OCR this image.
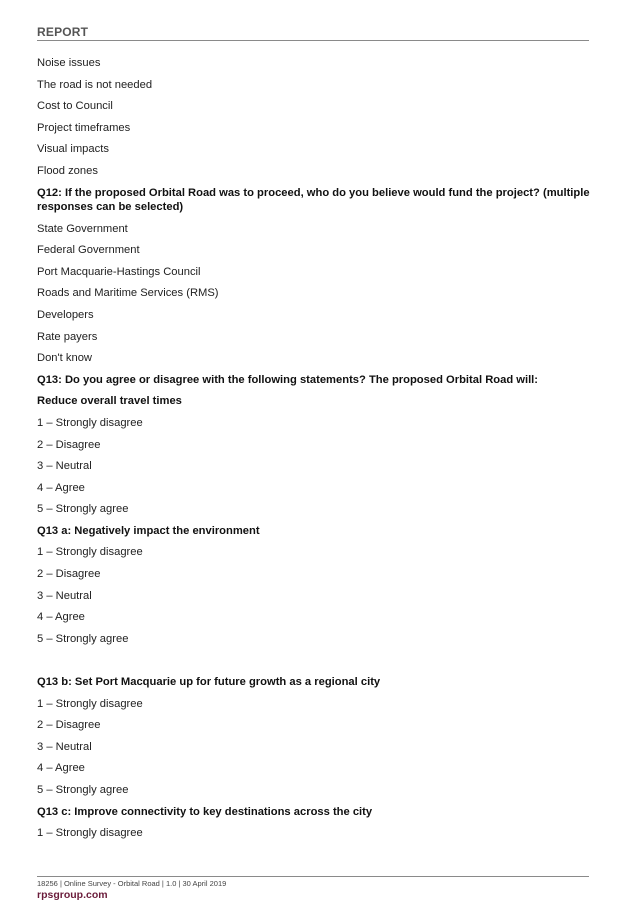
REPORT
Noise issues
The road is not needed
Cost to Council
Project timeframes
Visual impacts
Flood zones
Q12: If the proposed Orbital Road was to proceed, who do you believe would fund the project? (multiple responses can be selected)
State Government
Federal Government
Port Macquarie-Hastings Council
Roads and Maritime Services (RMS)
Developers
Rate payers
Don't know
Q13: Do you agree or disagree with the following statements? The proposed Orbital Road will:
Reduce overall travel times
1 – Strongly disagree
2 – Disagree
3 – Neutral
4 – Agree
5 – Strongly agree
Q13 a: Negatively impact the environment
1 – Strongly disagree
2 – Disagree
3 – Neutral
4 – Agree
5 – Strongly agree
Q13 b: Set Port Macquarie up for future growth as a regional city
1 – Strongly disagree
2 – Disagree
3 – Neutral
4 – Agree
5 – Strongly agree
Q13 c: Improve connectivity to key destinations across the city
1 – Strongly disagree
18256 | Online Survey - Orbital Road | 1.0 | 30 April 2019
rpsgroup.com
